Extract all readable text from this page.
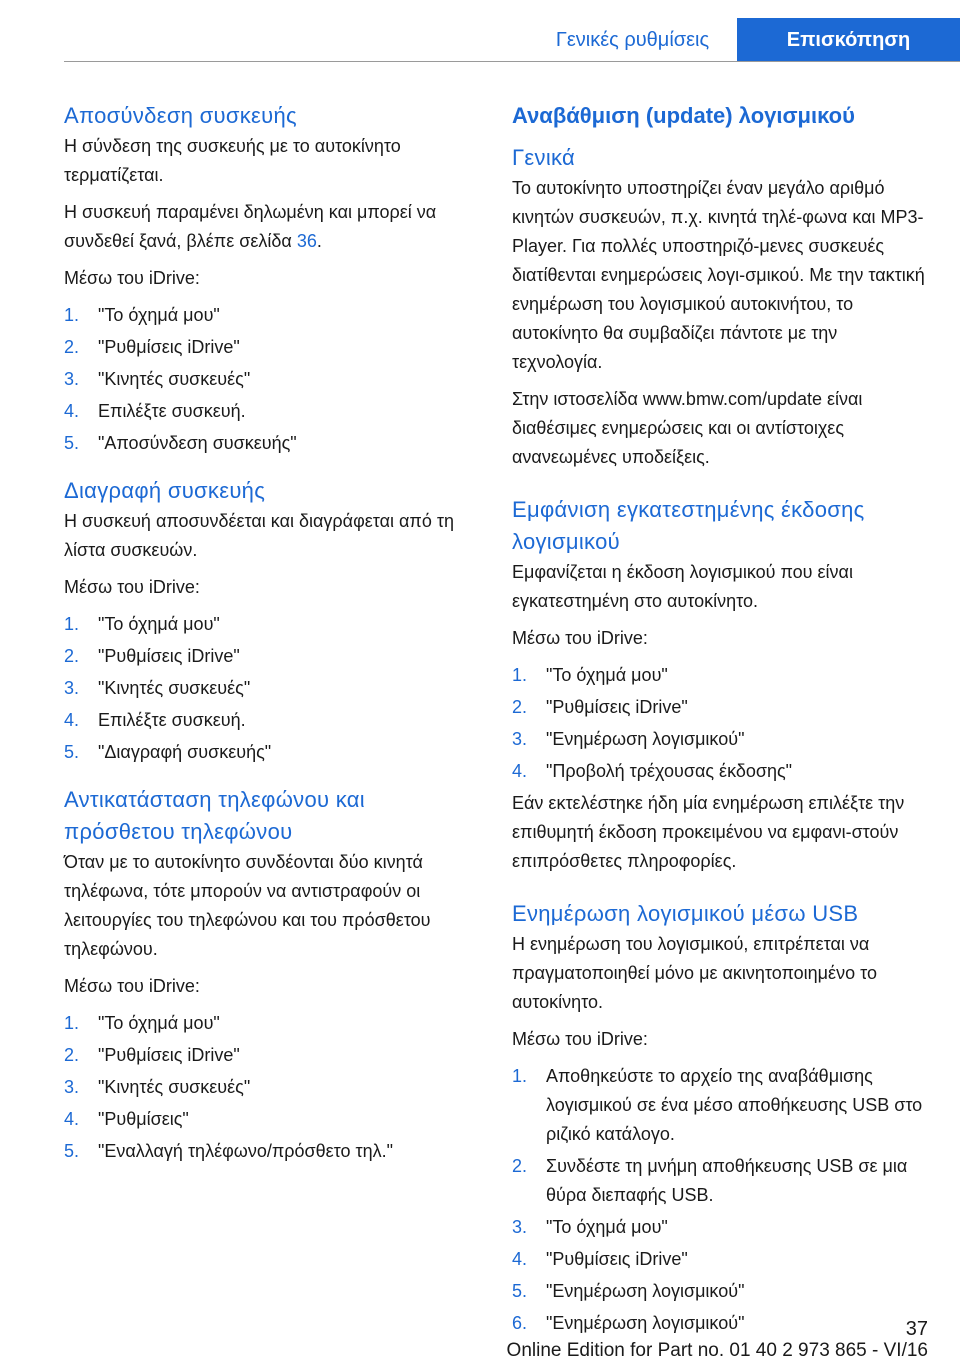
Γενικές ρυθμίσεις	Επισκόπηση
Αποσύνδεση συσκευής

Η σύνδεση της συσκευής με το αυτοκίνητο τερματίζεται.

Η συσκευή παραμένει δηλωμένη και μπορεί να συνδεθεί ξανά, βλέπε σελίδα 36.

Μέσω του iDrive:

1. "Το όχημά μου"
2. "Ρυθμίσεις iDrive"
3. "Κινητές συσκευές"
4. Επιλέξτε συσκευή.
5. "Αποσύνδεση συσκευής"
Διαγραφή συσκευής

Η συσκευή αποσυνδέεται και διαγράφεται από τη λίστα συσκευών.

Μέσω του iDrive:

1. "Το όχημά μου"
2. "Ρυθμίσεις iDrive"
3. "Κινητές συσκευές"
4. Επιλέξτε συσκευή.
5. "Διαγραφή συσκευής"
Αντικατάσταση τηλεφώνου και πρόσθετου τηλεφώνου

Όταν με το αυτοκίνητο συνδέονται δύο κινητά τηλέφωνα, τότε μπορούν να αντιστραφούν οι λειτουργίες του τηλεφώνου και του πρόσθετου τηλεφώνου.

Μέσω του iDrive:

1. "Το όχημά μου"
2. "Ρυθμίσεις iDrive"
3. "Κινητές συσκευές"
4. "Ρυθμίσεις"
5. "Εναλλαγή τηλέφωνο/πρόσθετο τηλ."
Αναβάθμιση (update) λογισμικού
Γενικά

Το αυτοκίνητο υποστηρίζει έναν μεγάλο αριθμό κινητών συσκευών, π.χ. κινητά τηλέ‐φωνα και MP3-Player. Για πολλές υποστηριζό‐μενες συσκευές διατίθενται ενημερώσεις λογι‐σμικού. Με την τακτική ενημέρωση του λογισμικού αυτοκινήτου, το αυτοκίνητο θα συμβαδίζει πάντοτε με την τεχνολογία.

Στην ιστοσελίδα www.bmw.com/update είναι διαθέσιμες ενημερώσεις και οι αντίστοιχες ανανεωμένες υποδείξεις.

Εμφάνιση εγκατεστημένης έκδοσης λογισμικού

Εμφανίζεται η έκδοση λογισμικού που είναι εγκατεστημένη στο αυτοκίνητο.

Μέσω του iDrive:

1. "Το όχημά μου"
2. "Ρυθμίσεις iDrive"
3. "Ενημέρωση λογισμικού"
4. "Προβολή τρέχουσας έκδοσης"

Εάν εκτελέστηκε ήδη μία ενημέρωση επιλέξτε την επιθυμητή έκδοση προκειμένου να εμφανι‐στούν επιπρόσθετες πληροφορίες.

Ενημέρωση λογισμικού μέσω USB

Η ενημέρωση του λογισμικού, επιτρέπεται να πραγματοποιηθεί μόνο με ακινητοποιημένο το αυτοκίνητο.

Μέσω του iDrive:

1. Αποθηκεύστε το αρχείο της αναβάθμισης λογισμικού σε ένα μέσο αποθήκευσης USB στο ριζικό κατάλογο.
2. Συνδέστε τη μνήμη αποθήκευσης USB σε μια θύρα διεπαφής USB.
3. "Το όχημά μου"
4. "Ρυθμίσεις iDrive"
5. "Ενημέρωση λογισμικού"
6. "Ενημέρωση λογισμικού"	37
Online Edition for Part no. 01 40 2 973 865 - VI/16
